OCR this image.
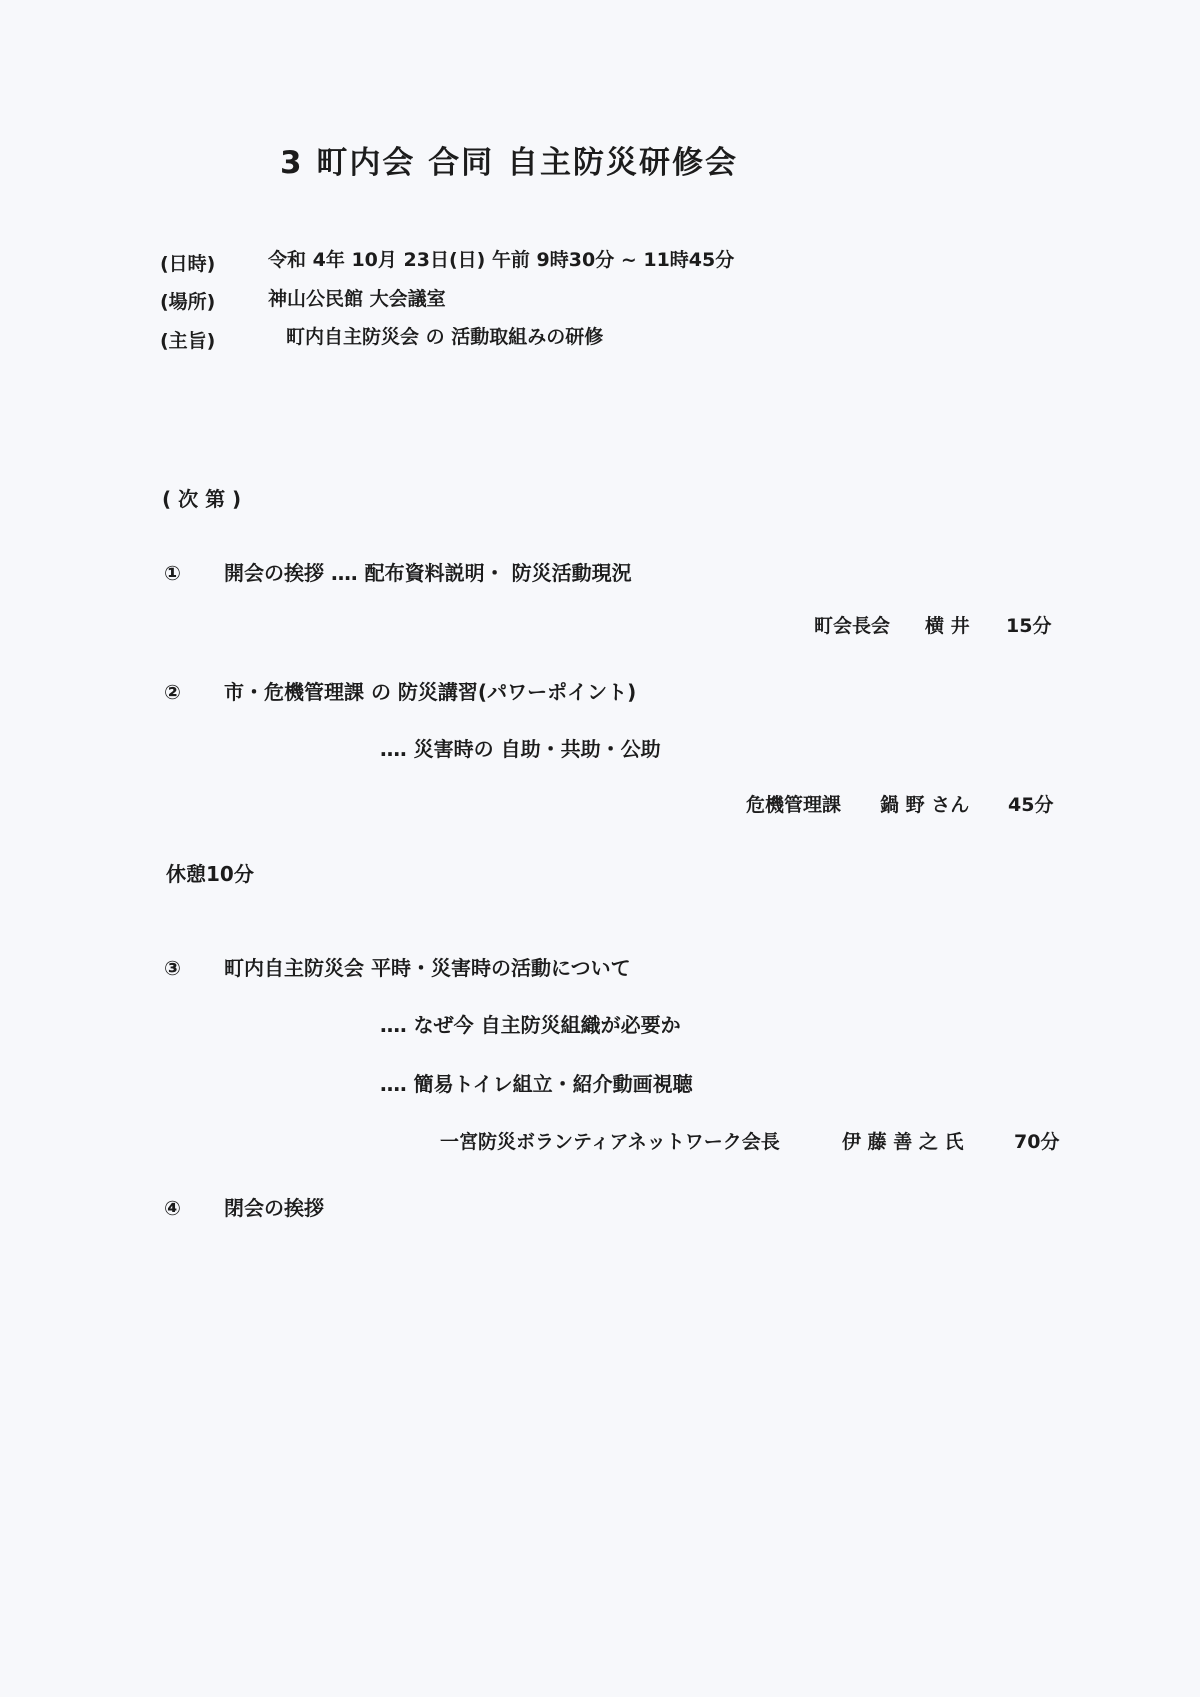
3 町内会 合同 自主防災研修会
(日時)	令和 4年 10月 23日(日) 午前 9時30分 ~ 11時45分
(場所)	神山公民館 大会議室
(主旨)	町内自主防災会 の 活動取組みの研修
( 次 第 )
① 開会の挨拶 ‥‥ 配布資料説明・ 防災活動現況
町会長会 横 井 15分
② 市・危機管理課 の 防災講習(パワーポイント)
‥‥ 災害時の 自助・共助・公助
危機管理課 鍋 野 さん 45分
休憩10分
③ 町内自主防災会 平時・災害時の活動について
‥‥ なぜ今 自主防災組織が必要か
‥‥ 簡易トイレ組立・紹介動画視聴
一宮防災ボランティアネットワーク会長	伊 藤 善 之 氏	70分
④ 閉会の挨拶
